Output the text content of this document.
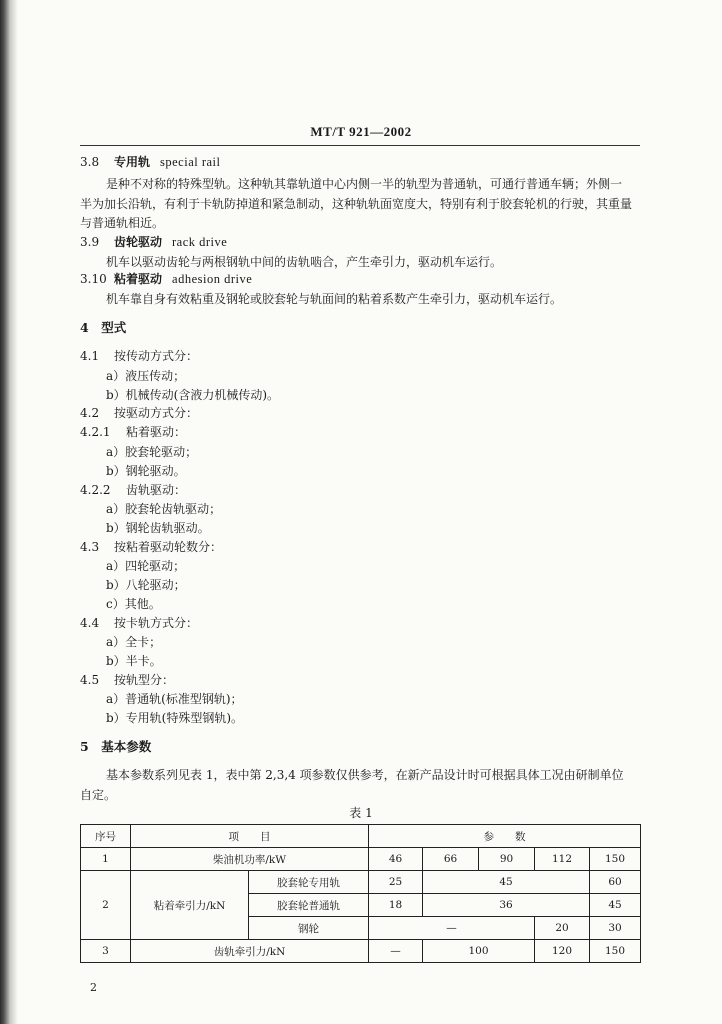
MT/T 921—2002
3.8 专用轨 special rail
是种不对称的特殊型轨。这种轨其靠轨道中心内侧一半的轨型为普通轨，可通行普通车辆；外侧一
半为加长沿轨，有利于卡轨防掉道和紧急制动，这种轨轨面宽度大，特别有利于胶套轮机的行驶，其重量
与普通轨相近。
3.9 齿轮驱动 rack drive
机车以驱动齿轮与两根钢轨中间的齿轨啮合，产生牵引力，驱动机车运行。
3.10 粘着驱动 adhesion drive
机车靠自身有效粘重及钢轮或胶套轮与轨面间的粘着系数产生牵引力，驱动机车运行。
4　型式
4.1 按传动方式分：
a）液压传动；
b）机械传动(含液力机械传动)。
4.2 按驱动方式分：
4.2.1 粘着驱动：
a）胶套轮驱动；
b）钢轮驱动。
4.2.2 齿轨驱动：
a）胶套轮齿轨驱动；
b）钢轮齿轨驱动。
4.3 按粘着驱动轮数分：
a）四轮驱动；
b）八轮驱动；
c）其他。
4.4 按卡轨方式分：
a）全卡；
b）半卡。
4.5 按轨型分：
a）普通轨(标准型钢轨)；
b）专用轨(特殊型钢轨)。
5　基本参数
基本参数系列见表 1，表中第 2,3,4 项参数仅供参考，在新产品设计时可根据具体工况由研制单位
自定。
表 1
序号	项　　目		参　　数				
1	柴油机功率/kW		46	66	90	112	150
2	粘着牵引力/kN	胶套轮专用轨	25	45			60
		胶套轮普通轨	18	36			45
		钢轮	—			20	30
3	齿轨牵引力/kN		—	100		120	150
2
